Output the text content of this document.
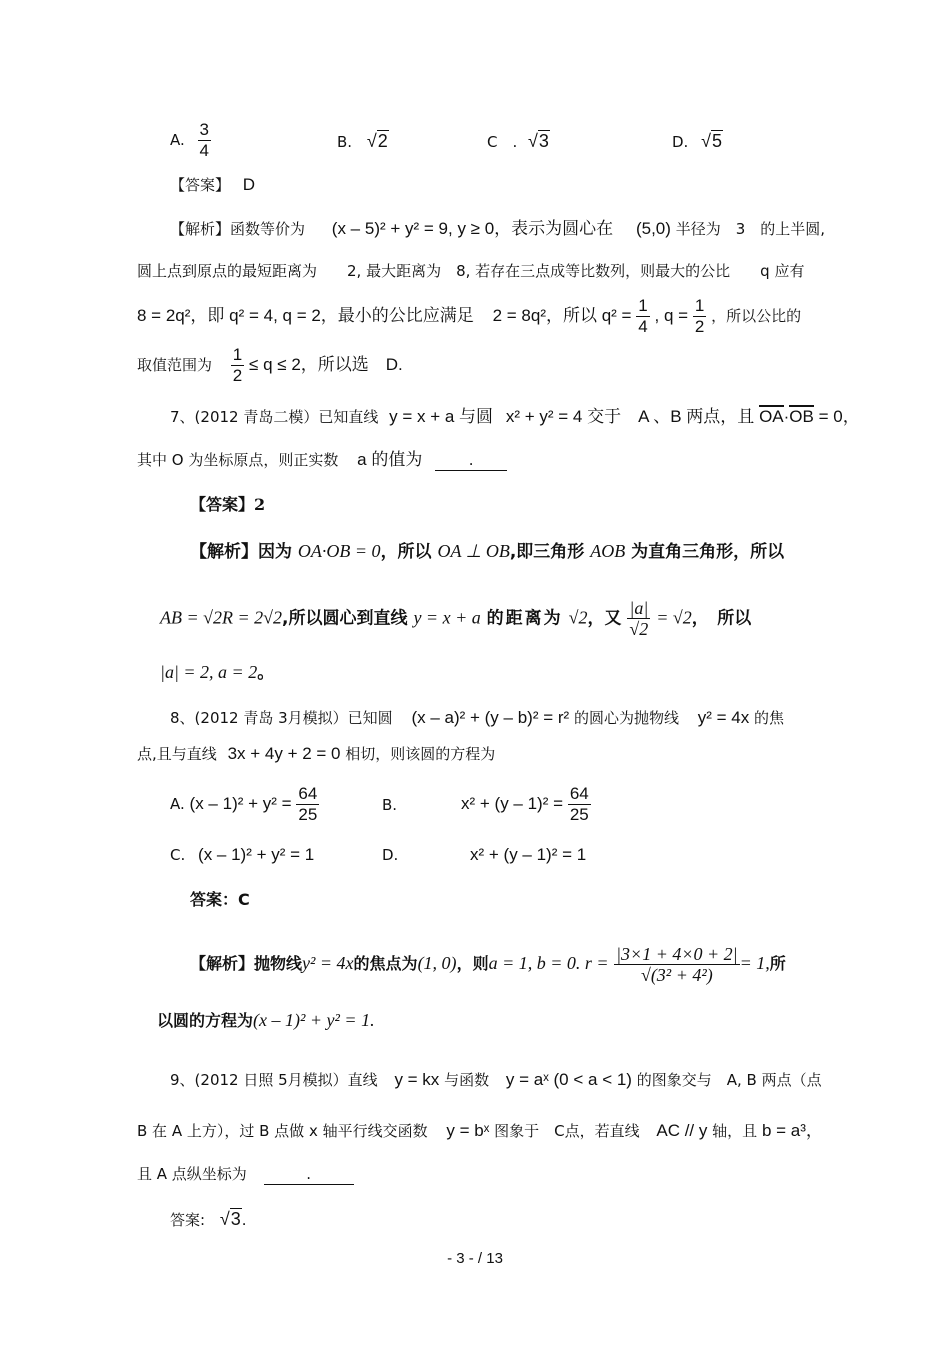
A. $\frac{3}{4}$	B. √2	C　. √3	D. √5
【答案】 D
【解析】函数等价为 (x – 5)² + y² = 9, y ≥ 0，表示为圆心在 (5,0) 半径为　3　的上半圆,
圆上点到原点的最短距离为　　2, 最大距离为　8, 若存在三点成等比数列，则最大的公比　　q 应有
8 = 2q²，即 q² = 4, q = 2，最小的公比应满足 2 = 8q²，所以 $q^2 = \frac{1}{4}$ , $q = \frac{1}{2}$ ，所以公比的
取值范围为 $\frac{1}{2} \le q \le 2$，所以选　D.
7、(2012 青岛二模）已知直线 y = x + a 与圆 x² + y² = 4 交于　A 、B 两点，且 OA·OB = 0，
其中 O 为坐标原点，则正实数 a 的值为	.
【答案】2
【解析】因为 OA·OB = 0，所以 OA ⊥ OB,即三角形 AOB 为直角三角形，所以
AB = √2R = 2√2,所以圆心到直线 y = x + a 的距离为 √2，又 $\frac{|a|}{√2} = √2$，　所以
|a| = 2, a = 2。
8、(2012 青岛 3月模拟）已知圆 (x – a)² + (y – b)² = r² 的圆心为抛物线 y² = 4x 的焦
点,且与直线 3x + 4y + 2 = 0 相切，则该圆的方程为
A. $(x - 1)^2 + y^2 = \frac{64}{25}$	B.	$x^2 + (y - 1)^2 = \frac{64}{25}$
C. (x – 1)² + y² = 1	D.	x² + (y – 1)² = 1
答案：C
【解析】抛物线y² = 4x的焦点为(1, 0)，则a = 1, b = 0. $r = \frac{|3\times 1 + 4\times 0 + 2|}{\text{√(3² + 4²)}} = 1$,所
以圆的方程为(x – 1)² + y² = 1.
9、(2012 日照 5月模拟）直线 y = kx 与函数 y = aˣ (0 < a < 1) 的图象交与　A, B 两点（点
B 在 A 上方），过 B 点做 x 轴平行线交函数 y = bˣ 图象于　C点，若直线 AC // y 轴，且 b = a³，
且 A 点纵坐标为	.
答案: √3.
- 3 - / 13
